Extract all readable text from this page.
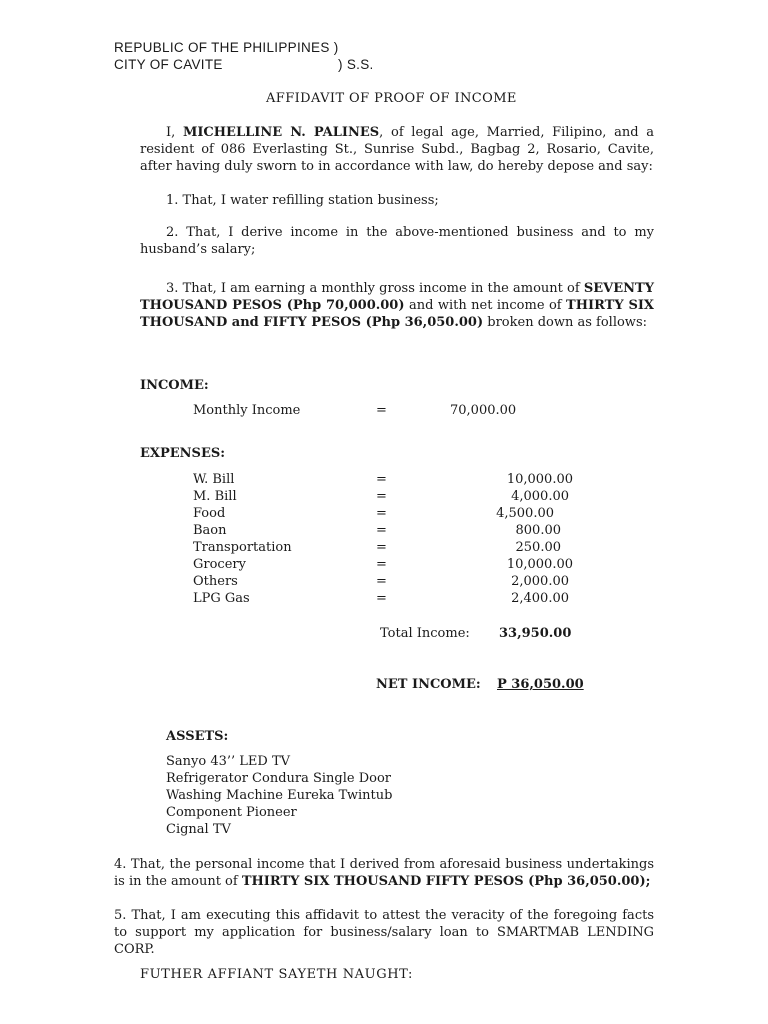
REPUBLIC OF THE PHILIPPINES )
CITY OF CAVITE	) S.S.
AFFIDAVIT OF PROOF OF INCOME
I, MICHELLINE N. PALINES, of legal age, Married, Filipino, and a resident of 086 Everlasting St., Sunrise Subd., Bagbag 2, Rosario, Cavite, after having duly sworn to in accordance with law, do hereby depose and say:
1. That, I water refilling station business;
2. That, I derive income in the above-mentioned business and to my husband’s salary;
3. That, I am earning a monthly gross income in the amount of SEVENTY THOUSAND PESOS (Php 70,000.00) and with net income of THIRTY SIX THOUSAND and FIFTY PESOS (Php 36,050.00) broken down as follows:
INCOME:
Monthly Income	=	70,000.00
EXPENSES:
W. Bill	=	10,000.00
M. Bill	=	4,000.00
Food	=	4,500.00
Baon	=	800.00
Transportation	=	250.00
Grocery	=	10,000.00
Others	=	2,000.00
LPG Gas	=	2,400.00
Total Income: 33,950.00
NET INCOME: P 36,050.00
ASSETS:
Sanyo 43’’ LED TV
Refrigerator Condura Single Door
Washing Machine Eureka Twintub
Component Pioneer
Cignal TV
4. That, the personal income that I derived from aforesaid business undertakings is in the amount of THIRTY SIX THOUSAND FIFTY PESOS (Php 36,050.00);
5. That, I am executing this affidavit to attest the veracity of the foregoing facts to support my application for business/salary loan to SMARTMAB LENDING CORP.
FUTHER AFFIANT SAYETH NAUGHT:
